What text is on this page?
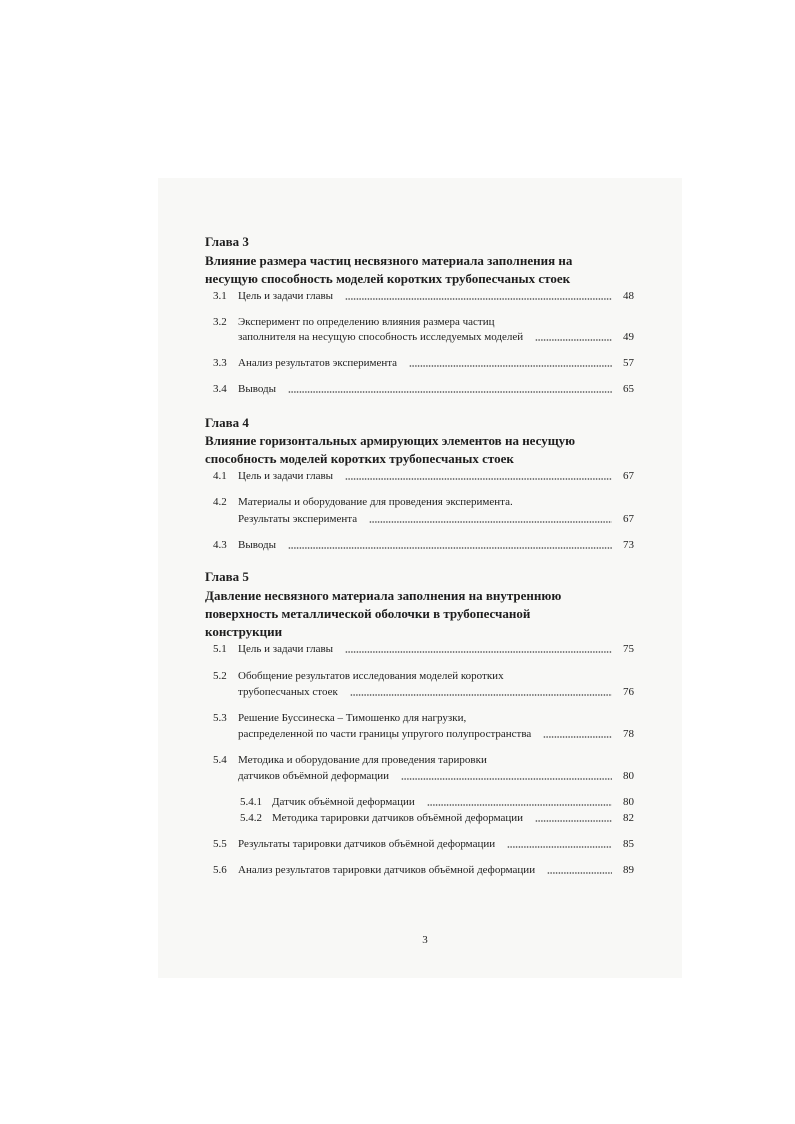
Глава 3
Влияние размера частиц несвязного материала заполнения на
несущую способность моделей коротких трубопесчаных стоек
3.1	Цель и задачи главы	48
3.2	Эксперимент по определению влияния размера частиц
заполнителя на несущую способность исследуемых моделей	49
3.3	Анализ результатов эксперимента	57
3.4	Выводы	65
Глава 4
Влияние горизонтальных армирующих элементов на несущую
способность моделей коротких трубопесчаных стоек
4.1	Цель и задачи главы	67
4.2	Материалы и оборудование для проведения эксперимента.
Результаты эксперимента	67
4.3	Выводы	73
Глава 5
Давление несвязного материала заполнения на внутреннюю
поверхность металлической оболочки в трубопесчаной
конструкции
5.1	Цель и задачи главы	75
5.2	Обобщение результатов исследования моделей коротких
трубопесчаных стоек	76
5.3	Решение Буссинеска – Тимошенко для нагрузки,
распределенной по части границы упругого полупространства	78
5.4	Методика и оборудование для проведения тарировки
датчиков объёмной деформации	80
5.4.1 Датчик объёмной деформации	80
5.4.2 Методика тарировки датчиков объёмной деформации	82
5.5	Результаты тарировки датчиков объёмной деформации	85
5.6	Анализ результатов тарировки датчиков объёмной деформации	89
3
